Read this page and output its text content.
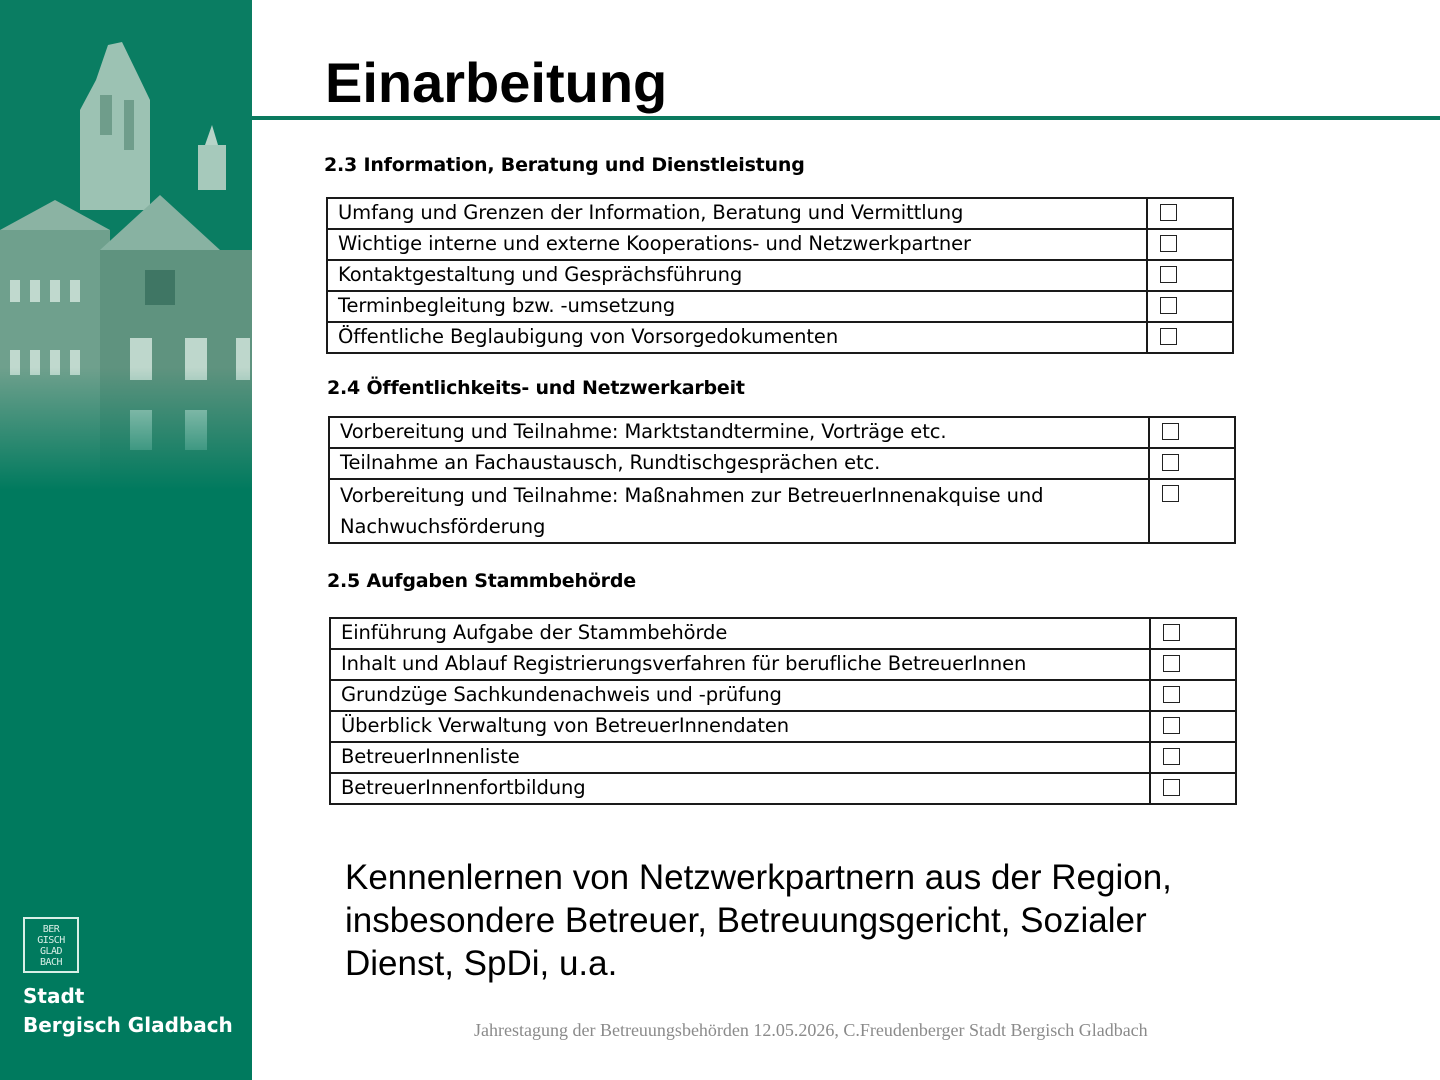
BER
GISCH
GLAD
BACH
Stadt
Bergisch Gladbach
Einarbeitung
2.3 Information, Beratung und Dienstleistung
Umfang und Grenzen der Information, Beratung und Vermittlung	
Wichtige interne und externe Kooperations- und Netzwerkpartner	
Kontaktgestaltung und Gesprächsführung	
Terminbegleitung bzw. -umsetzung	
Öffentliche Beglaubigung von Vorsorgedokumenten	
2.4 Öffentlichkeits- und Netzwerkarbeit
Vorbereitung und Teilnahme: Marktstandtermine, Vorträge etc.	
Teilnahme an Fachaustausch, Rundtischgesprächen etc.	
Vorbereitung und Teilnahme: Maßnahmen zur BetreuerInnenakquise und Nachwuchsförderung	
2.5 Aufgaben Stammbehörde
Einführung Aufgabe der Stammbehörde	
Inhalt und Ablauf Registrierungsverfahren für berufliche BetreuerInnen	
Grundzüge Sachkundenachweis und -prüfung	
Überblick Verwaltung von BetreuerInnendaten	
BetreuerInnenliste	
BetreuerInnenfortbildung	
Kennenlernen von Netzwerkpartnern aus der Region, insbesondere Betreuer, Betreuungsgericht, Sozialer Dienst, SpDi, u.a.
Jahrestagung der Betreuungsbehörden 12.05.2026, C.Freudenberger Stadt Bergisch Gladbach
